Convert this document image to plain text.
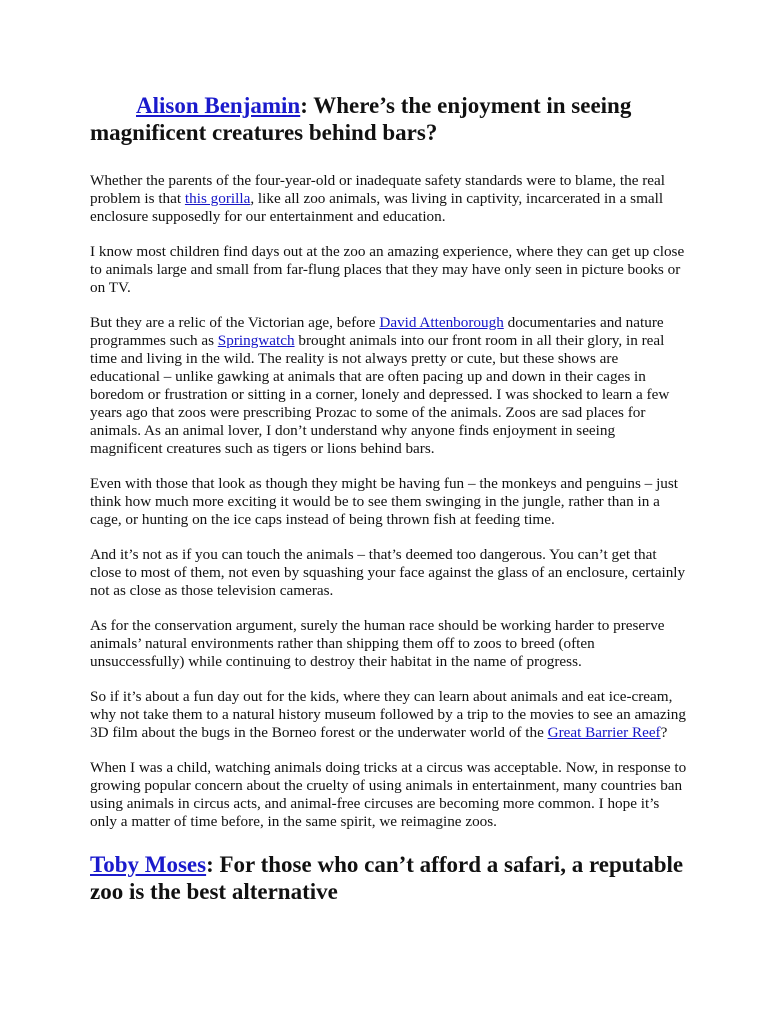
Alison Benjamin: Where’s the enjoyment in seeing magnificent creatures behind bars?

Whether the parents of the four-year-old or inadequate safety standards were to blame, the real problem is that this gorilla, like all zoo animals, was living in captivity, incarcerated in a small enclosure supposedly for our entertainment and education.

I know most children find days out at the zoo an amazing experience, where they can get up close to animals large and small from far-flung places that they may have only seen in picture books or on TV.

But they are a relic of the Victorian age, before David Attenborough documentaries and nature programmes such as Springwatch brought animals into our front room in all their glory, in real time and living in the wild. The reality is not always pretty or cute, but these shows are educational – unlike gawking at animals that are often pacing up and down in their cages in boredom or frustration or sitting in a corner, lonely and depressed. I was shocked to learn a few years ago that zoos were prescribing Prozac to some of the animals. Zoos are sad places for animals. As an animal lover, I don’t understand why anyone finds enjoyment in seeing magnificent creatures such as tigers or lions behind bars.

Even with those that look as though they might be having fun – the monkeys and penguins – just think how much more exciting it would be to see them swinging in the jungle, rather than in a cage, or hunting on the ice caps instead of being thrown fish at feeding time.

And it’s not as if you can touch the animals – that’s deemed too dangerous. You can’t get that close to most of them, not even by squashing your face against the glass of an enclosure, certainly not as close as those television cameras.

As for the conservation argument, surely the human race should be working harder to preserve animals’ natural environments rather than shipping them off to zoos to breed (often unsuccessfully) while continuing to destroy their habitat in the name of progress.

So if it’s about a fun day out for the kids, where they can learn about animals and eat ice-cream, why not take them to a natural history museum followed by a trip to the movies to see an amazing 3D film about the bugs in the Borneo forest or the underwater world of the Great Barrier Reef?

When I was a child, watching animals doing tricks at a circus was acceptable. Now, in response to growing popular concern about the cruelty of using animals in entertainment, many countries ban using animals in circus acts, and animal-free circuses are becoming more common. I hope it’s only a matter of time before, in the same spirit, we reimagine zoos.

Toby Moses: For those who can’t afford a safari, a reputable zoo is the best alternative
